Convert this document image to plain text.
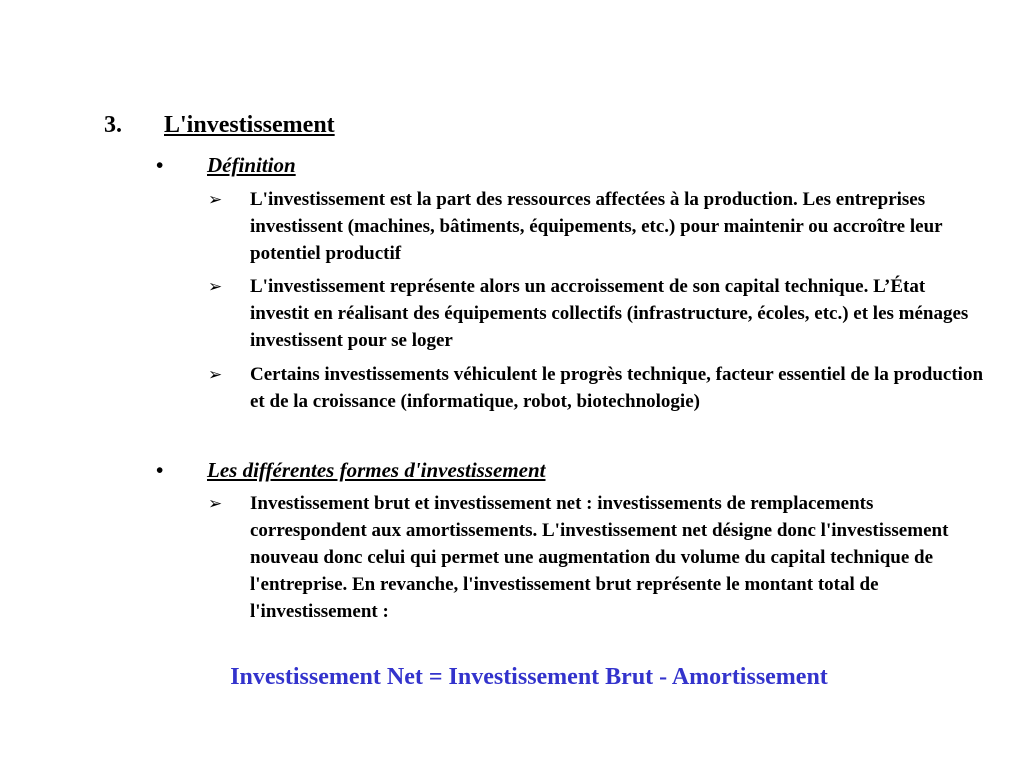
3. L'investissement
• Définition
➢ L'investissement est la part des ressources affectées à la production. Les entreprises investissent (machines, bâtiments, équipements, etc.) pour maintenir ou accroître leur potentiel productif
➢ L'investissement représente alors un accroissement de son capital technique. L’État investit en réalisant des équipements collectifs (infrastructure, écoles, etc.) et les ménages investissent pour se loger
➢ Certains investissements véhiculent le progrès technique, facteur essentiel de la production et de la croissance (informatique, robot, biotechnologie)
• Les différentes formes d'investissement
➢ Investissement brut et investissement net : investissements de remplacements correspondent aux amortissements. L'investissement net désigne donc l'investissement nouveau donc celui qui permet une augmentation du volume du capital technique de l'entreprise. En revanche, l'investissement brut représente le montant total de l'investissement :
Investissement Net = Investissement Brut - Amortissement
